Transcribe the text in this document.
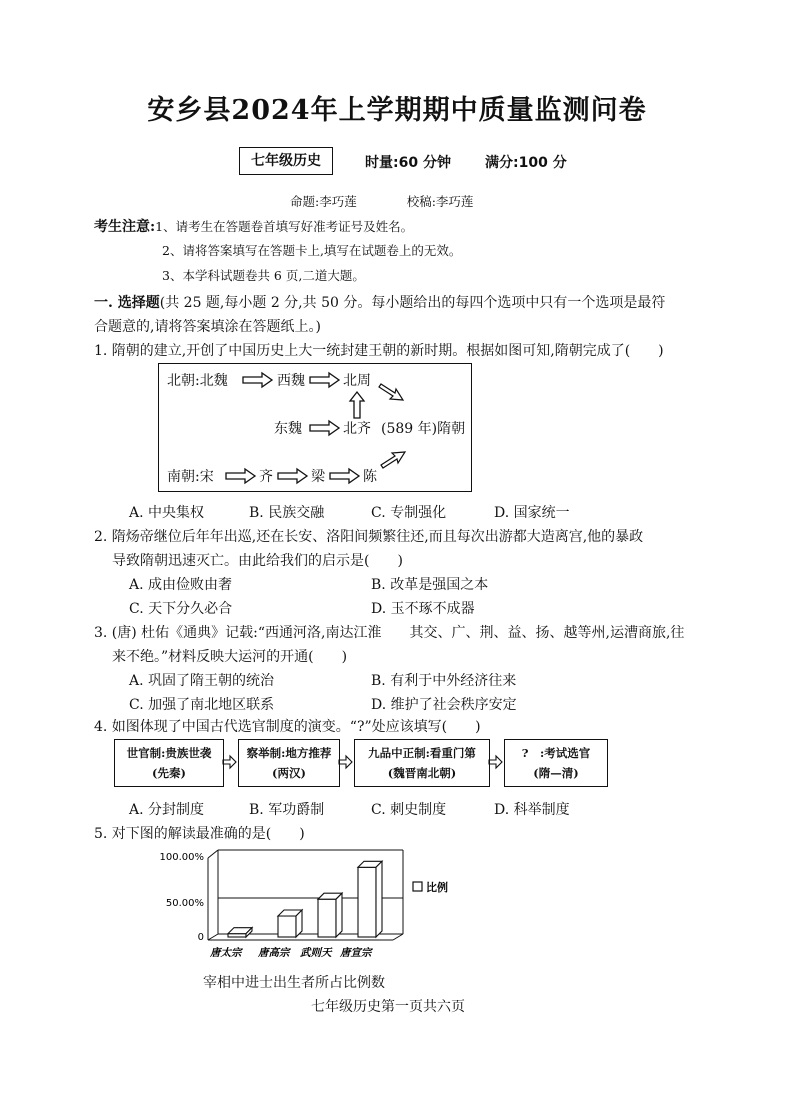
安乡县2024年上学期期中质量监测问卷
七年级历史	时量:60 分钟 满分:100 分
命题:李巧莲　　　　校稿:李巧莲
考生注意:1、请考生在答题卷首填写好准考证号及姓名。
2、请将答案填写在答题卡上,填写在试题卷上的无效。
3、本学科试题卷共 6 页,二道大题。
一. 选择题(共 25 题,每小题 2 分,共 50 分。每小题给出的每四个选项中只有一个选项是最符
合题意的,请将答案填涂在答题纸上。)
1. 隋朝的建立,开创了中国历史上大一统封建王朝的新时期。根据如图可知,隋朝完成了(　　)
北朝:北魏	西魏	北周
东魏	北齐 (589 年)隋朝
南朝:宋	齐	梁	陈
A. 中央集权	B. 民族交融	C. 专制强化	D. 国家统一
2. 隋炀帝继位后年年出巡,还在长安、洛阳间频繁往还,而且每次出游都大造离宫,他的暴政
导致隋朝迅速灭亡。由此给我们的启示是(　　)
A. 成由俭败由奢	B. 改革是强国之本
C. 天下分久必合	D. 玉不琢不成器
3. (唐) 杜佑《通典》记载:“西通河洛,南达江淮　　其交、广、荆、益、扬、越等州,运漕商旅,往
来不绝。”材料反映大运河的开通(　　)
A. 巩固了隋王朝的统治	B. 有利于中外经济往来
C. 加强了南北地区联系	D. 维护了社会秩序安定
4. 如图体现了中国古代选官制度的演变。“?”处应该填写(　　)
世官制:贵族世袭
(先秦)
察举制:地方推荐
(两汉)
九品中正制:看重门第
(魏晋南北朝)
?　:考试选官
(隋—清)
A. 分封制度	B. 军功爵制	C. 刺史制度	D. 科举制度
5. 对下图的解读最准确的是(　　)
100.00%
50.00%
0
唐太宗 唐高宗 武则天 唐宣宗
比例
宰相中进士出生者所占比例数
七年级历史第一页共六页
